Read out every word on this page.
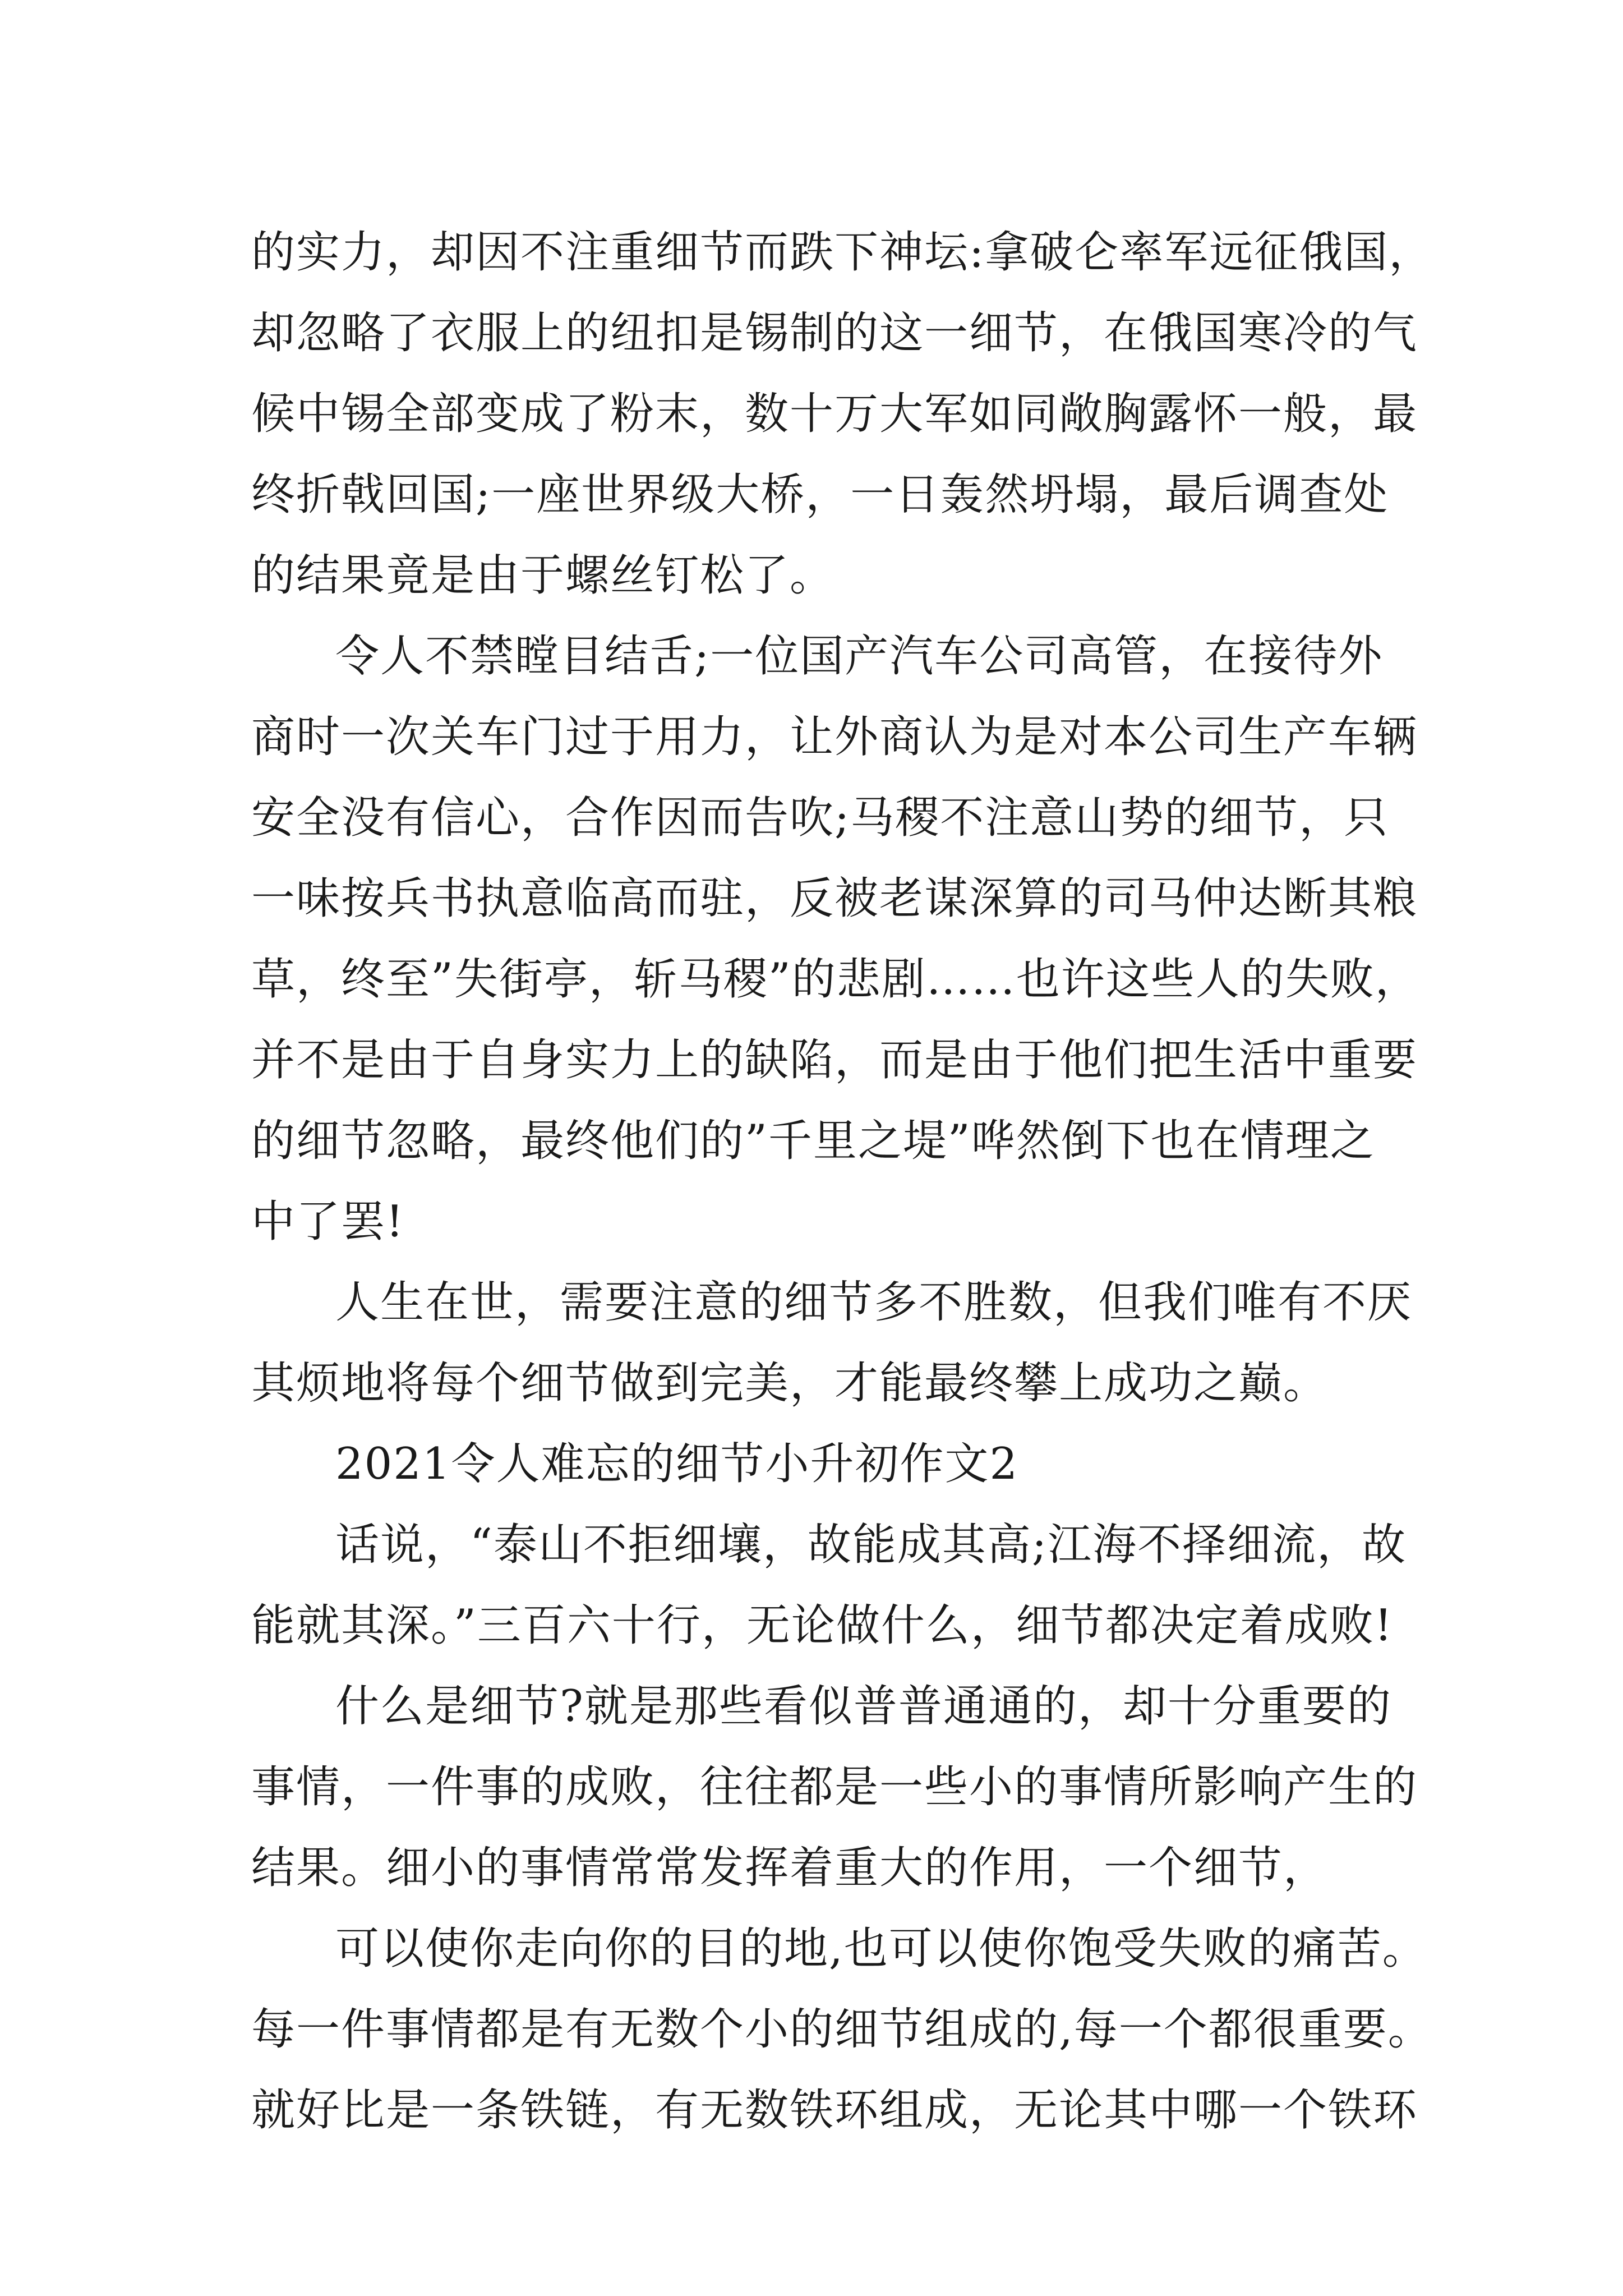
的实力，却因不注重细节而跌下神坛:拿破仑率军远征俄国，
却忽略了衣服上的纽扣是锡制的这一细节，在俄国寒冷的气
候中锡全部变成了粉末，数十万大军如同敞胸露怀一般，最
终折戟回国;一座世界级大桥，一日轰然坍塌，最后调查处
的结果竟是由于螺丝钉松了。
令人不禁瞠目结舌;一位国产汽车公司高管，在接待外
商时一次关车门过于用力，让外商认为是对本公司生产车辆
安全没有信心，合作因而告吹;马稷不注意山势的细节，只
一味按兵书执意临高而驻，反被老谋深算的司马仲达断其粮
草，终至”失街亭，斩马稷”的悲剧……也许这些人的失败，
并不是由于自身实力上的缺陷，而是由于他们把生活中重要
的细节忽略，最终他们的”千里之堤”哗然倒下也在情理之
中了罢!
人生在世，需要注意的细节多不胜数，但我们唯有不厌
其烦地将每个细节做到完美，才能最终攀上成功之巅。
2021令人难忘的细节小升初作文2
话说，“泰山不拒细壤，故能成其高;江海不择细流，故
能就其深。”三百六十行，无论做什么，细节都决定着成败!
什么是细节?就是那些看似普普通通的，却十分重要的
事情，一件事的成败，往往都是一些小的事情所影响产生的
结果。细小的事情常常发挥着重大的作用，一个细节，
可以使你走向你的目的地,也可以使你饱受失败的痛苦。
每一件事情都是有无数个小的细节组成的,每一个都很重要。
就好比是一条铁链，有无数铁环组成，无论其中哪一个铁环
